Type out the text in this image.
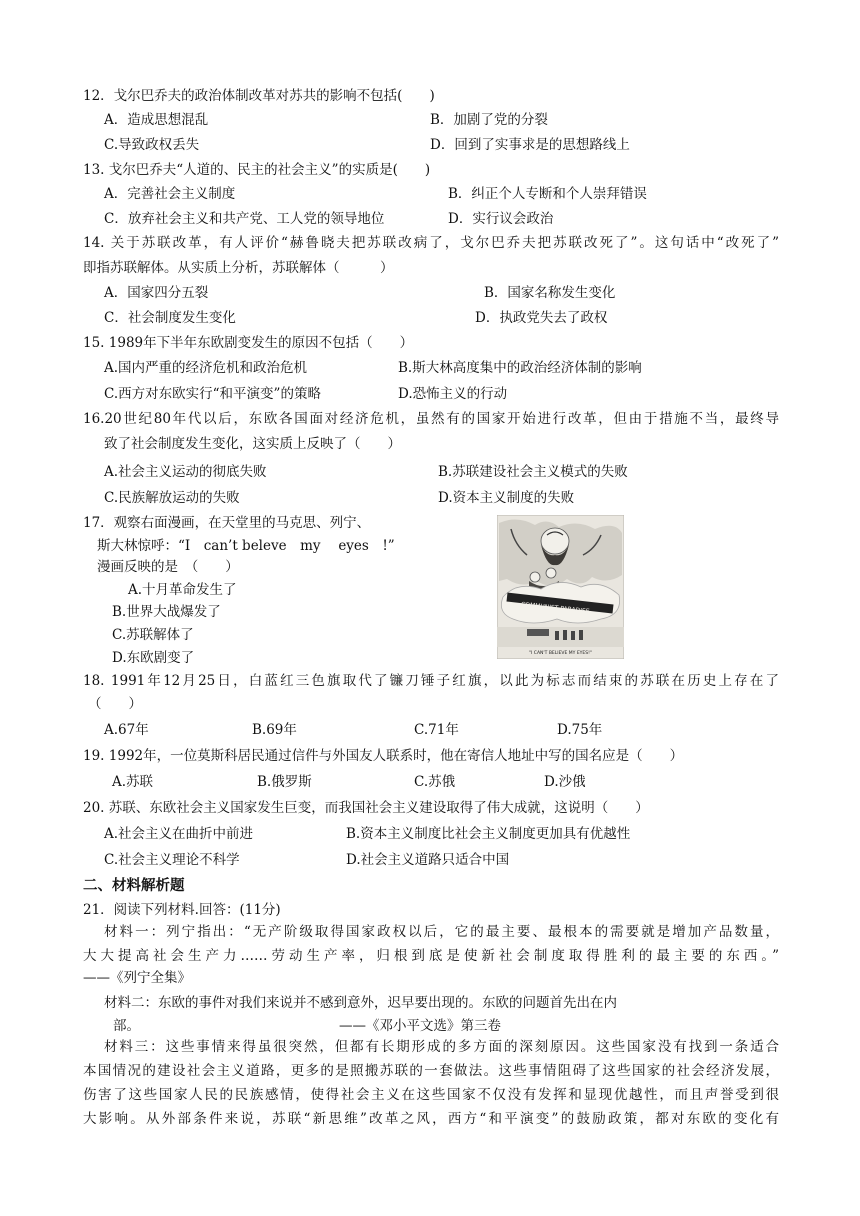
12．戈尔巴乔夫的政治体制改革对苏共的影响不包括(　　)
A．造成思想混乱	B．加剧了党的分裂
C.导致政权丢失	D．回到了实事求是的思想路线上
13. 戈尔巴乔夫“人道的、民主的社会主义”的实质是(　　)
A．完善社会主义制度	B．纠正个人专断和个人崇拜错误
C．放弃社会主义和共产党、工人党的领导地位	D．实行议会政治
14. 关于苏联改革，有人评价“赫鲁晓夫把苏联改病了，戈尔巴乔夫把苏联改死了”。这句话中“改死了”
即指苏联解体。从实质上分析，苏联解体（　　　）
A．国家四分五裂	B．国家名称发生变化
C．社会制度发生变化	D．执政党失去了政权
15. 1989年下半年东欧剧变发生的原因不包括（　　）
A.国内严重的经济危机和政治危机	B.斯大林高度集中的政治经济体制的影响
C.西方对东欧实行“和平演变”的策略	D.恐怖主义的行动
16.20世纪80年代以后，东欧各国面对经济危机，虽然有的国家开始进行改革，但由于措施不当，最终导
致了社会制度发生变化，这实质上反映了（　　）
A.社会主义运动的彻底失败	B.苏联建设社会主义模式的失败
C.民族解放运动的失败	D.资本主义制度的失败
17．观察右面漫画，在天堂里的马克思、列宁、
斯大林惊呼：“I　can’t beleve　my　 eyes　!”
漫画反映的是　（　　）
A.十月革命发生了
B.世界大战爆发了
C.苏联解体了
D.东欧剧变了
COMMUNIST PARADISE
"I CAN'T BELIEVE MY EYES!"
18. 1991年12月25日，白蓝红三色旗取代了镰刀锤子红旗，以此为标志而结束的苏联在历史上存在了
（　　）
A.67年	B.69年	C.71年	D.75年
19. 1992年，一位莫斯科居民通过信件与外国友人联系时，他在寄信人地址中写的国名应是（　　）
A.苏联	B.俄罗斯	C.苏俄	D.沙俄
20. 苏联、东欧社会主义国家发生巨变，而我国社会主义建设取得了伟大成就，这说明（　　）
A.社会主义在曲折中前进	B.资本主义制度比社会主义制度更加具有优越性
C.社会主义理论不科学	D.社会主义道路只适合中国
二、材料解析题
21．阅读下列材料.回答：(11分)
材料一：列宁指出：“无产阶级取得国家政权以后，它的最主要、最根本的需要就是增加产品数量，
大大提高社会生产力……劳动生产率，归根到底是使新社会制度取得胜利的最主要的东西。”
——《列宁全集》
材料二：东欧的事件对我们来说并不感到意外，迟早要出现的。东欧的问题首先出在内
部。	——《邓小平文选》第三卷
材料三：这些事情来得虽很突然，但都有长期形成的多方面的深刻原因。这些国家没有找到一条适合
本国情况的建设社会主义道路，更多的是照搬苏联的一套做法。这些事情阻碍了这些国家的社会经济发展，
伤害了这些国家人民的民族感情，使得社会主义在这些国家不仅没有发挥和显现优越性，而且声誉受到很
大影响。从外部条件来说，苏联“新思维”改革之风，西方“和平演变”的鼓励政策，都对东欧的变化有
